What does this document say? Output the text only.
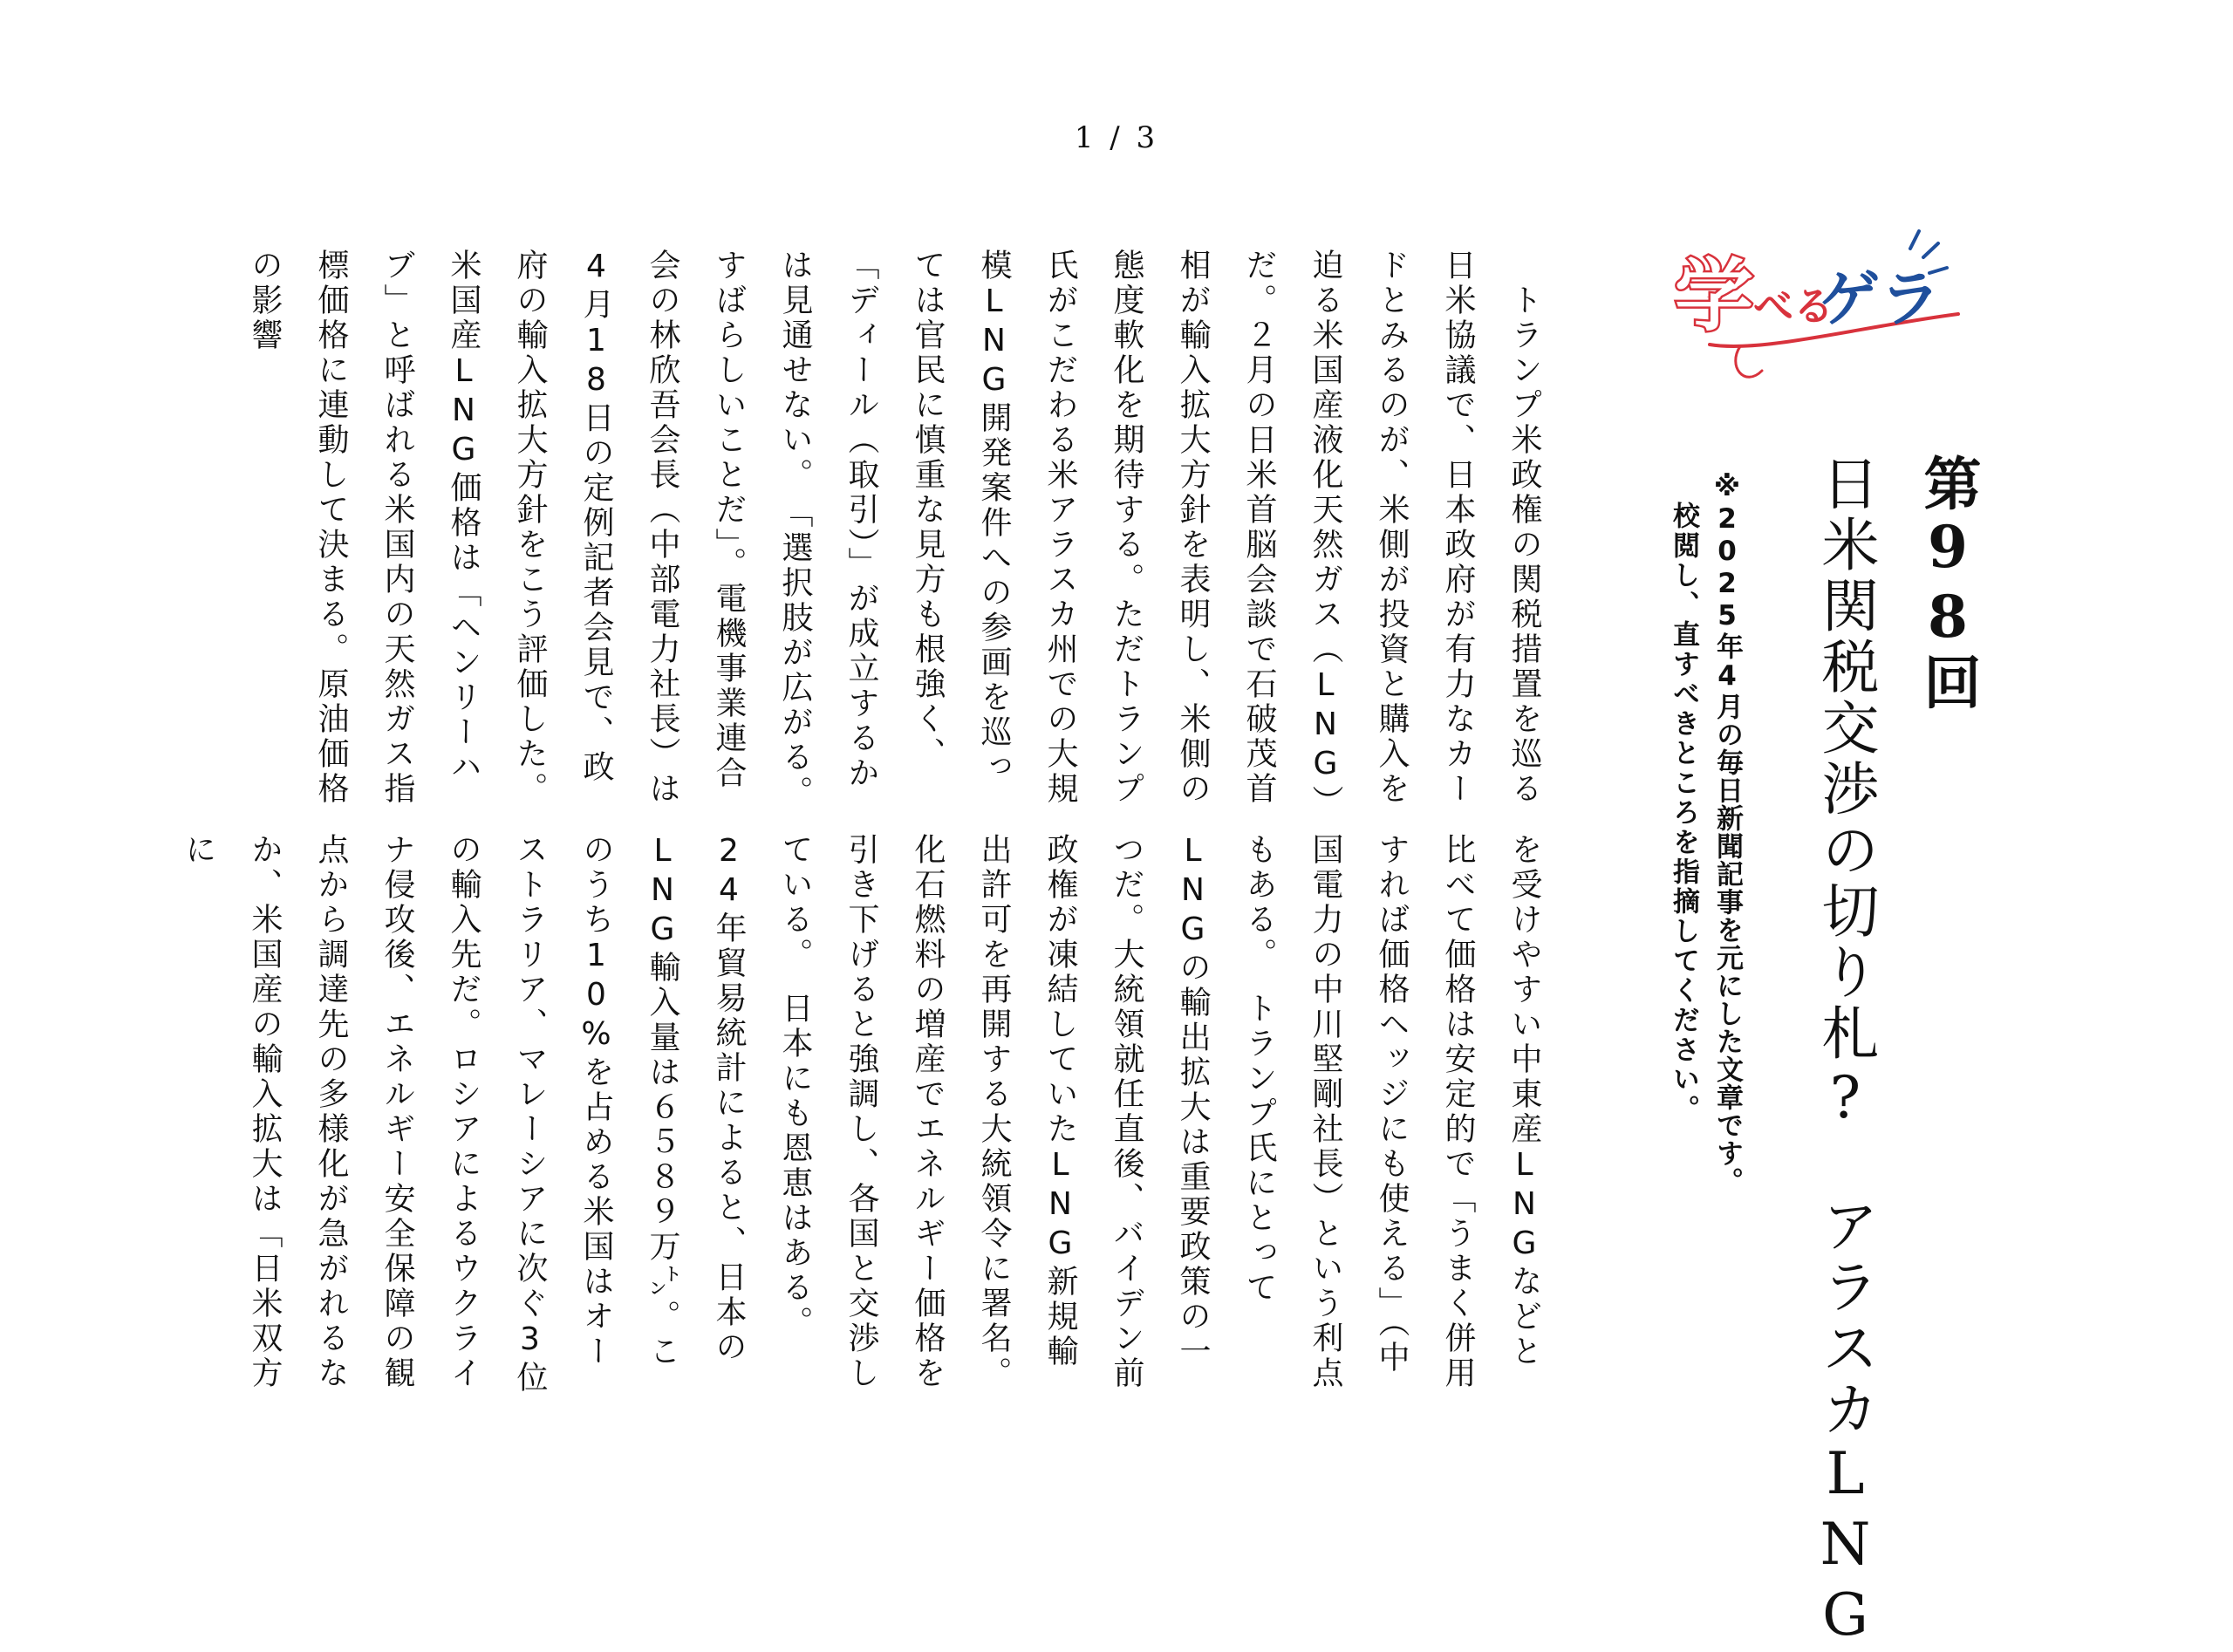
1 / 3
学 べる
ゲラ
第98回
日米関税交渉の切り札?　アラスカLNG
※2025年4月の毎日新聞記事を元にした文章です。
校閲し、直すべきところを指摘してください。
　トランプ米政権の関税措置を巡る日米協議で、日本政府が有力なカードとみるのが、米側が投資と購入を迫る米国産液化天然ガス（LNG）だ。２月の日米首脳会談で石破茂首相が輸入拡大方針を表明し、米側の態度軟化を期待する。ただトランプ氏がこだわる米アラスカ州での大規模LNG開発案件への参画を巡っては官民に慎重な見方も根強く、「ディール（取引）」が成立するかは見通せない。　「選択肢が広がる。すばらしいことだ」。電機事業連合会の林欣吾会長（中部電力社長）は4月18日の定例記者会見で、政府の輸入拡大方針をこう評価した。　米国産LNG価格は「ヘンリーハブ」と呼ばれる米国内の天然ガス指標価格に連動して決まる。原油価格の影響
を受けやすい中東産LNGなどと比べて価格は安定的で「うまく併用すれば価格ヘッジにも使える」（中国電力の中川堅剛社長）という利点もある。　トランプ氏にとってLNGの輸出拡大は重要政策の一つだ。大統領就任直後、バイデン前政権が凍結していたLNG新規輸出許可を再開する大統領令に署名。化石燃料の増産でエネルギー価格を引き下げると強調し、各国と交渉している。　日本にも恩恵はある。24年貿易統計によると、日本のLNG輸入量は６５８９万㌧。このうち10%を占める米国はオーストラリア、マレーシアに次ぐ3位の輸入先だ。ロシアによるウクライナ侵攻後、エネルギー安全保障の観点から調達先の多様化が急がれるなか、米国産の輸入拡大は「日米双方に
